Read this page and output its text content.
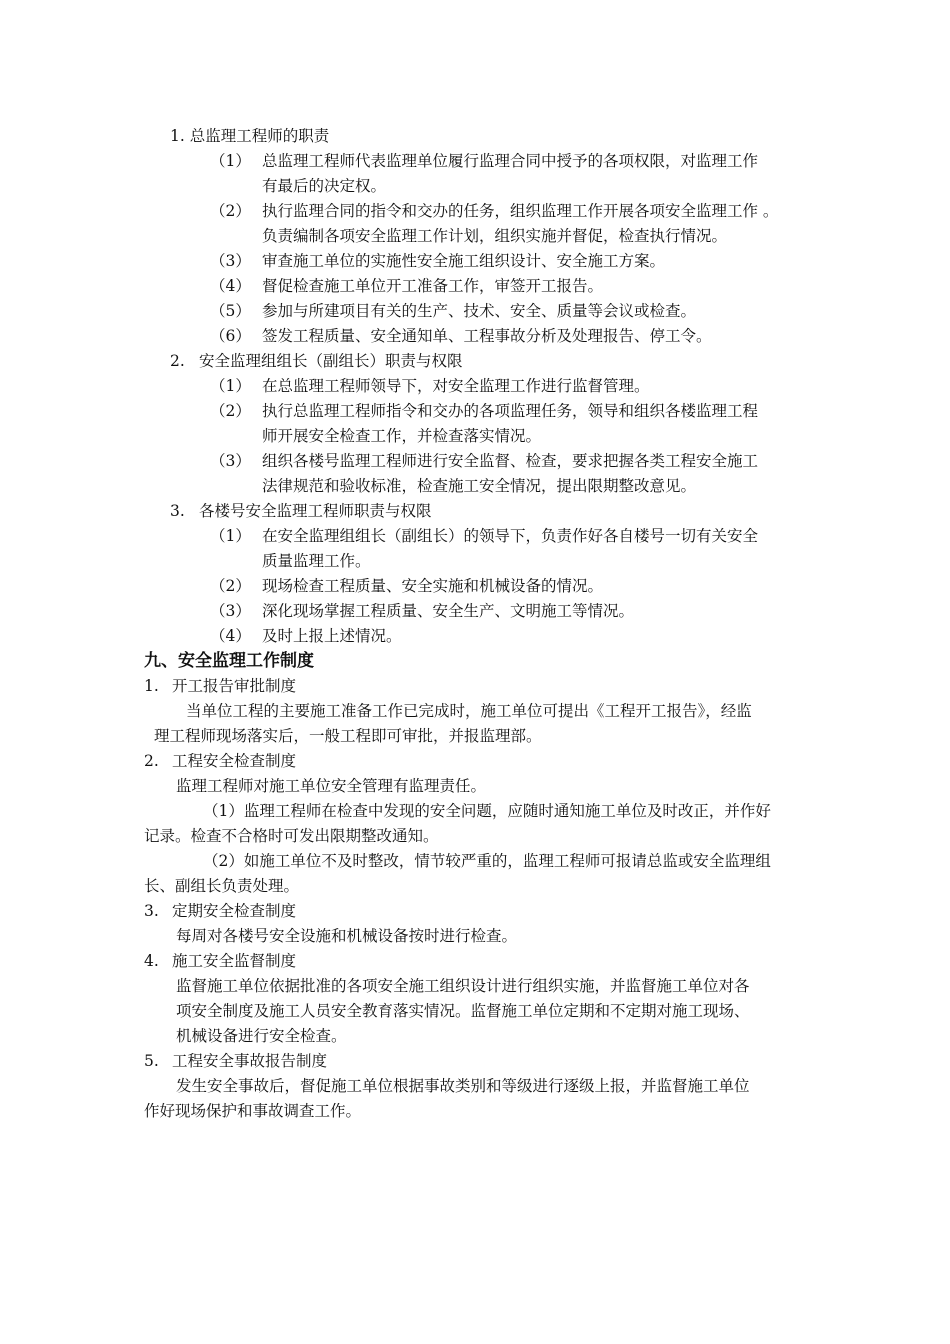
1. 总监理工程师的职责
（1） 总监理工程师代表监理单位履行监理合同中授予的各项权限，对监理工作
有最后的决定权。
（2） 执行监理合同的指令和交办的任务，组织监理工作开展各项安全监理工作 。
负责编制各项安全监理工作计划，组织实施并督促，检查执行情况。
（3） 审查施工单位的实施性安全施工组织设计、安全施工方案。
（4） 督促检查施工单位开工准备工作，审签开工报告。
（5） 参加与所建项目有关的生产、技术、安全、质量等会议或检查。
（6） 签发工程质量、安全通知单、工程事故分析及处理报告、停工令。
2. 安全监理组组长（副组长）职责与权限
（1） 在总监理工程师领导下，对安全监理工作进行监督管理。
（2） 执行总监理工程师指令和交办的各项监理任务，领导和组织各楼监理工程
师开展安全检查工作，并检查落实情况。
（3） 组织各楼号监理工程师进行安全监督、检查，要求把握各类工程安全施工
法律规范和验收标准，检查施工安全情况，提出限期整改意见。
3. 各楼号安全监理工程师职责与权限
（1） 在安全监理组组长（副组长）的领导下，负责作好各自楼号一切有关安全
质量监理工作。
（2） 现场检查工程质量、安全实施和机械设备的情况。
（3） 深化现场掌握工程质量、安全生产、文明施工等情况。
（4） 及时上报上述情况。
九、安全监理工作制度
1. 开工报告审批制度
当单位工程的主要施工准备工作已完成时，施工单位可提出《工程开工报告》，经监
理工程师现场落实后，一般工程即可审批，并报监理部。
2. 工程安全检查制度
监理工程师对施工单位安全管理有监理责任。
（1）监理工程师在检查中发现的安全问题，应随时通知施工单位及时改正，并作好
记录。检查不合格时可发出限期整改通知。
（2）如施工单位不及时整改，情节较严重的，监理工程师可报请总监或安全监理组
长、副组长负责处理。
3. 定期安全检查制度
每周对各楼号安全设施和机械设备按时进行检查。
4. 施工安全监督制度
监督施工单位依据批准的各项安全施工组织设计进行组织实施，并监督施工单位对各
项安全制度及施工人员安全教育落实情况。监督施工单位定期和不定期对施工现场、
机械设备进行安全检查。
5. 工程安全事故报告制度
发生安全事故后，督促施工单位根据事故类别和等级进行逐级上报，并监督施工单位
作好现场保护和事故调查工作。
